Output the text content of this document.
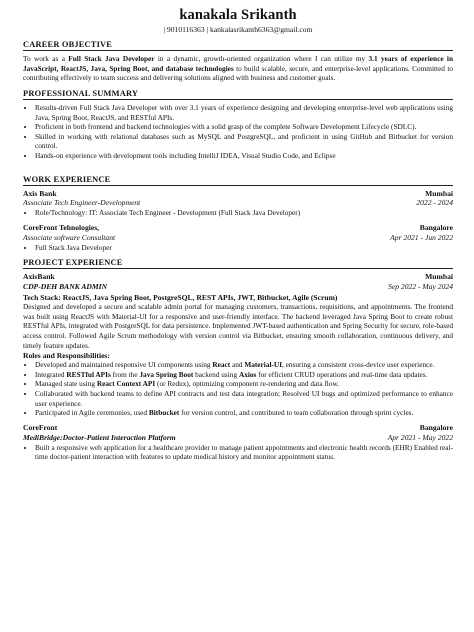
kanakala Srikanth
| 9010116363 | kankalasrikanth6363@gmail.com
CAREER OBJECTIVE

To work as a Full Stack Java Developer in a dynamic, growth-oriented organization where I can utilize my 3.1 years of experience in JavaScript, ReactJS, Java, Spring Boot, and database technologies to build scalable, secure, and enterprise-level applications. Committed to contributing effectively to team success and delivering solutions aligned with business and customer goals.

PROFESSIONAL SUMMARY
• Results-driven Full Stack Java Developer with over 3.1 years of experience designing and developing enterprise-level web applications using Java, Spring Boot, ReactJS, and RESTful APIs.
• Proficient in both frontend and backend technologies with a solid grasp of the complete Software Development Lifecycle (SDLC).
• Skilled in working with relational databases such as MySQL and PostgreSQL, and proficient in using GitHub and Bitbucket for version control.
• Hands-on experience with development tools including IntelliJ IDEA, Visual Studio Code, and Eclipse
WORK EXPERIENCE
Axis Bank	Mumbai
Associate Tech Engineer-Development	2022 - 2024
• Role/Technology: IT: Associate Tech Engineer - Development (Full Stack Java Developer)
CoreFront Tehnologies,	Bangalore
Associate software Consultant	Apr 2021 - Jun 2022
• Full Stack Java Developer
PROJECT EXPERIENCE
AxisBank	Mumbai
CDP-DEH BANK ADMIN	Sep 2022 - May 2024
Tech Stack: ReactJS, Java Spring Boot, PostgreSQL, REST APIs, JWT, Bitbucket, Agile (Scrum)

Designed and developed a secure and scalable admin portal for managing customers, transactions, requisitions, and appointments. The frontend was built using ReactJS with Material-UI for a responsive and user-friendly interface. The backend leveraged Java Spring Boot to create robust RESTful APIs, integrated with PostgreSQL for data persistence. Implemented JWT-based authentication and Spring Security for secure, role-based access control. Followed Agile Scrum methodology with version control via Bitbucket, ensuring smooth collaboration, continuous delivery, and timely feature updates.

Roles and Responsibilities:
• Developed and maintained responsive UI components using React and Material-UI, ensuring a consistent cross-device user experience.
• Integrated RESTful APIs from the Java Spring Boot backend using Axios for efficient CRUD operations and real-time data updates.
• Managed state using React Context API (or Redux), optimizing component re-rendering and data flow.
• Collaborated with backend teams to define API contracts and test data integration; Resolved UI bugs and optimized performance to enhance user experience.
• Participated in Agile ceremonies, used Bitbucket for version control, and contributed to team collaboration through sprint cycles.
CoreFront	Bangalore
MediBridge:Doctor-Patient Interaction Platform	Apr 2021 - May 2022
• Built a responsive web application for a healthcare provider to manage patient appointments and electronic health records (EHR) Enabled real-time doctor-patient interaction with features to update medical history and monitor appointment status.
